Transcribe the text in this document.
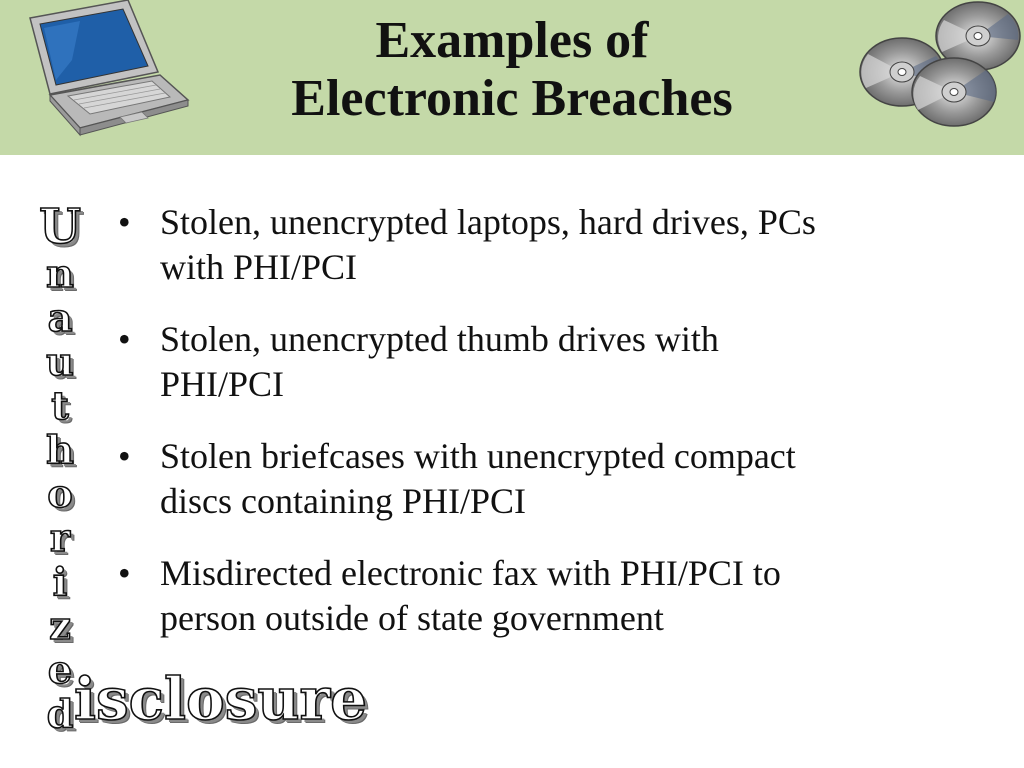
Examples of
Electronic Breaches
• Stolen, unencrypted laptops, hard drives, PCs
with PHI/PCI
• Stolen, unencrypted thumb drives with
PHI/PCI
• Stolen briefcases with unencrypted compact
discs containing PHI/PCI
• Misdirected electronic fax with PHI/PCI to
person outside of state government
U
n
a
u
t
h
o
r
i
z
e
d isclosure
